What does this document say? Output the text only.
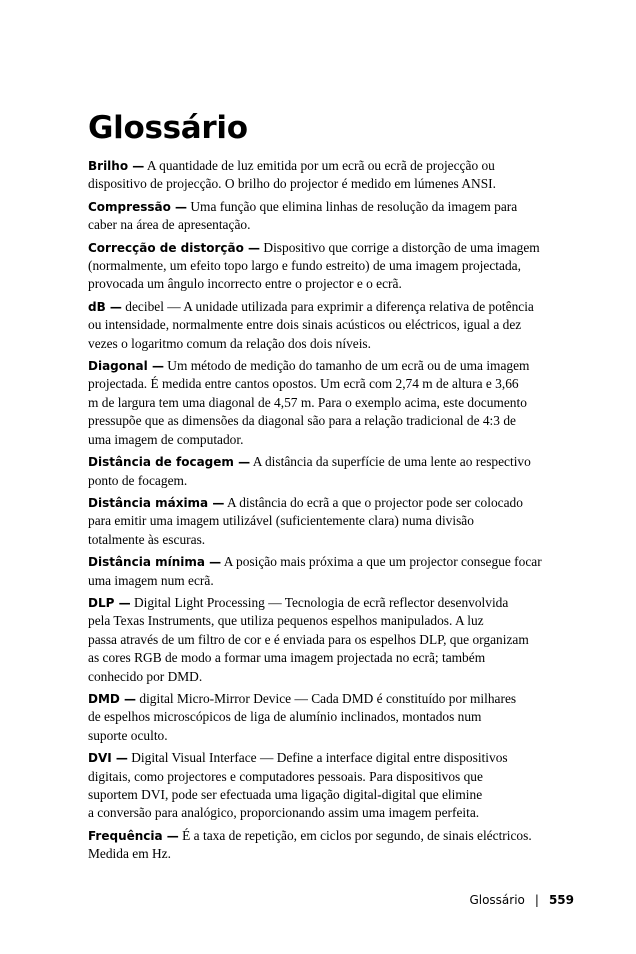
Glossário
Brilho — A quantidade de luz emitida por um ecrã ou ecrã de projecção ou
dispositivo de projecção. O brilho do projector é medido em lúmenes ANSI.
Compressão — Uma função que elimina linhas de resolução da imagem para
caber na área de apresentação.
Correcção de distorção — Dispositivo que corrige a distorção de uma imagem
(normalmente, um efeito topo largo e fundo estreito) de uma imagem projectada,
provocada um ângulo incorrecto entre o projector e o ecrã.
dB — decibel — A unidade utilizada para exprimir a diferença relativa de potência
ou intensidade, normalmente entre dois sinais acústicos ou eléctricos, igual a dez
vezes o logaritmo comum da relação dos dois níveis.
Diagonal — Um método de medição do tamanho de um ecrã ou de uma imagem
projectada. É medida entre cantos opostos. Um ecrã com 2,74 m de altura e 3,66
m de largura tem uma diagonal de 4,57 m. Para o exemplo acima, este documento
pressupõe que as dimensões da diagonal são para a relação tradicional de 4:3 de
uma imagem de computador.
Distância de focagem — A distância da superfície de uma lente ao respectivo
ponto de focagem.
Distância máxima — A distância do ecrã a que o projector pode ser colocado
para emitir uma imagem utilizável (suficientemente clara) numa divisão
totalmente às escuras.
Distância mínima — A posição mais próxima a que um projector consegue focar
uma imagem num ecrã.
DLP — Digital Light Processing — Tecnologia de ecrã reflector desenvolvida
pela Texas Instruments, que utiliza pequenos espelhos manipulados. A luz
passa através de um filtro de cor e é enviada para os espelhos DLP, que organizam
as cores RGB de modo a formar uma imagem projectada no ecrã; também
conhecido por DMD.
DMD — digital Micro-Mirror Device — Cada DMD é constituído por milhares
de espelhos microscópicos de liga de alumínio inclinados, montados num
suporte oculto.
DVI — Digital Visual Interface — Define a interface digital entre dispositivos
digitais, como projectores e computadores pessoais. Para dispositivos que
suportem DVI, pode ser efectuada uma ligação digital-digital que elimine
a conversão para analógico, proporcionando assim uma imagem perfeita.
Frequência — É a taxa de repetição, em ciclos por segundo, de sinais eléctricos.
Medida em Hz.
Glossário | 559
